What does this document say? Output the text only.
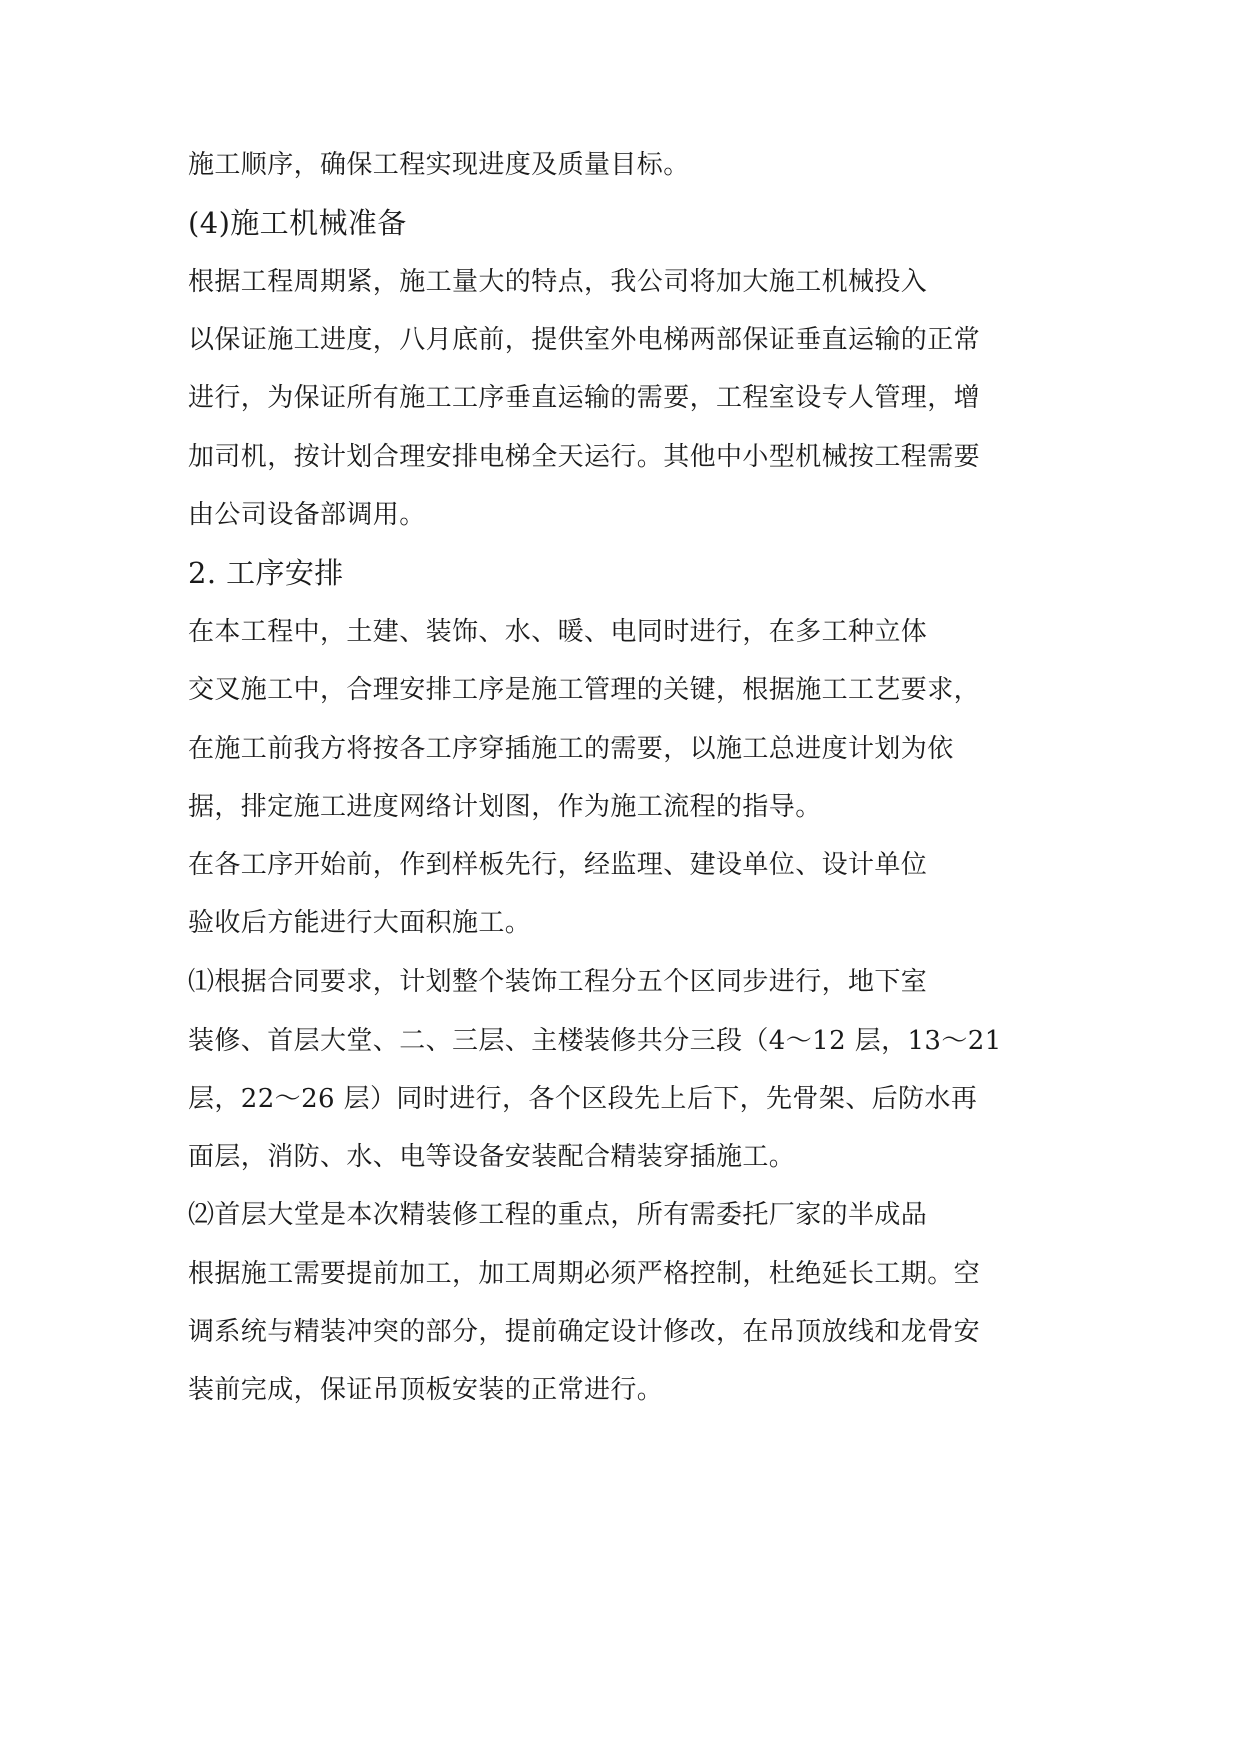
施工顺序，确保工程实现进度及质量目标。
(4)施工机械准备
根据工程周期紧，施工量大的特点，我公司将加大施工机械投入
以保证施工进度，八月底前，提供室外电梯两部保证垂直运输的正常
进行，为保证所有施工工序垂直运输的需要，工程室设专人管理，增
加司机，按计划合理安排电梯全天运行。其他中小型机械按工程需要
由公司设备部调用。
2. 工序安排
在本工程中，土建、装饰、水、暖、电同时进行，在多工种立体
交叉施工中，合理安排工序是施工管理的关键，根据施工工艺要求，
在施工前我方将按各工序穿插施工的需要，以施工总进度计划为依
据，排定施工进度网络计划图，作为施工流程的指导。
在各工序开始前，作到样板先行，经监理、建设单位、设计单位
验收后方能进行大面积施工。
⑴根据合同要求，计划整个装饰工程分五个区同步进行，地下室
装修、首层大堂、二、三层、主楼装修共分三段（4～12 层，13～21
层，22～26 层）同时进行，各个区段先上后下，先骨架、后防水再
面层，消防、水、电等设备安装配合精装穿插施工。
⑵首层大堂是本次精装修工程的重点，所有需委托厂家的半成品
根据施工需要提前加工，加工周期必须严格控制，杜绝延长工期。空
调系统与精装冲突的部分，提前确定设计修改，在吊顶放线和龙骨安
装前完成，保证吊顶板安装的正常进行。
